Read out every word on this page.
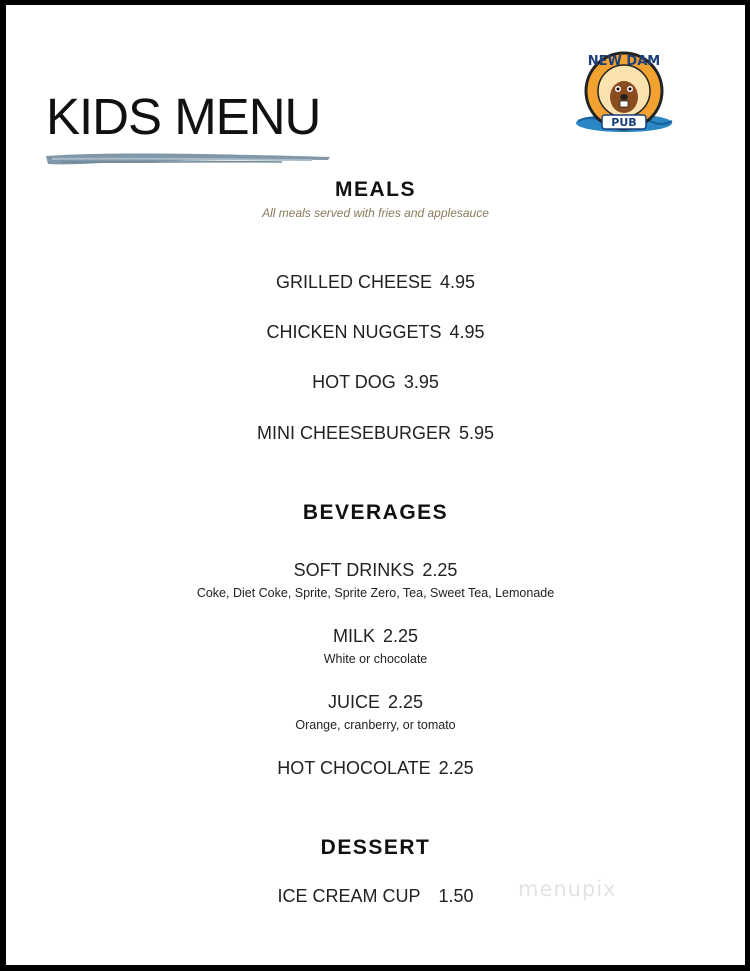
KIDS MENU
NEW DAM
PUB
MEALS
All meals served with fries and applesauce
GRILLED CHEESE 4.95
CHICKEN NUGGETS 4.95
HOT DOG 3.95
MINI CHEESEBURGER 5.95
BEVERAGES
SOFT DRINKS 2.25
Coke, Diet Coke, Sprite, Sprite Zero, Tea, Sweet Tea, Lemonade
MILK 2.25
White or chocolate
JUICE 2.25
Orange, cranberry, or tomato
HOT CHOCOLATE 2.25
DESSERT
ICE CREAM CUP 1.50	menupix
